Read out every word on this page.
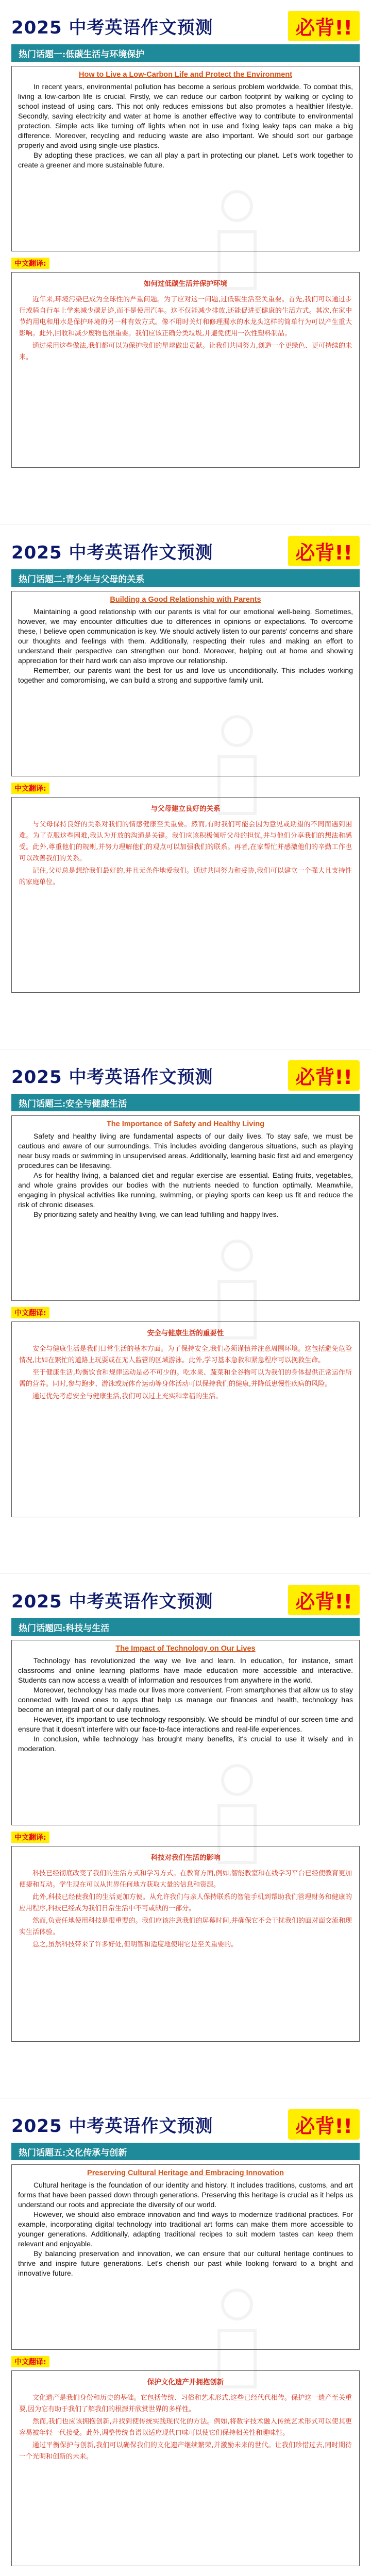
2025 中考英语作文预测	必背!!
热门话题一:低碳生活与环境保护
How to Live a Low-Carbon Life and Protect the Environment

In recent years, environmental pollution has become a serious problem worldwide. To combat this, living a low-carbon life is crucial. Firstly, we can reduce our carbon footprint by walking or cycling to school instead of using cars. This not only reduces emissions but also promotes a healthier lifestyle. Secondly, saving electricity and water at home is another effective way to contribute to environmental protection. Simple acts like turning off lights when not in use and fixing leaky taps can make a big difference. Moreover, recycling and reducing waste are also important. We should sort our garbage properly and avoid using single-use plastics.

By adopting these practices, we can all play a part in protecting our planet. Let's work together to create a greener and more sustainable future.

中文翻译:
如何过低碳生活并保护环境

近年来,环境污染已成为全球性的严重问题。为了应对这一问题,过低碳生活至关重要。首先,我们可以通过步行或骑自行车上学来减少碳足迹,而不是使用汽车。这不仅能减少排放,还能促进更健康的生活方式。其次,在家中节约用电和用水是保护环境的另一种有效方式。像不用时关灯和修理漏水的水龙头这样的简单行为可以产生重大影响。此外,回收和减少废物也很重要。我们应该正确分类垃圾,并避免使用一次性塑料制品。

通过采用这些做法,我们都可以为保护我们的星球做出贡献。让我们共同努力,创造一个更绿色、更可持续的未来。

2025 中考英语作文预测	必背!!
热门话题二:青少年与父母的关系
Building a Good Relationship with Parents

Maintaining a good relationship with our parents is vital for our emotional well-being. Sometimes, however, we may encounter difficulties due to differences in opinions or expectations. To overcome these, I believe open communication is key. We should actively listen to our parents' concerns and share our thoughts and feelings with them. Additionally, respecting their rules and making an effort to understand their perspective can strengthen our bond. Moreover, helping out at home and showing appreciation for their hard work can also improve our relationship.

Remember, our parents want the best for us and love us unconditionally. This includes working together and compromising, we can build a strong and supportive family unit.

中文翻译:
与父母建立良好的关系

与父母保持良好的关系对我们的情感健康至关重要。然而,有时我们可能会因为意见或期望的不同而遇到困难。为了克服这些困难,我认为开放的沟通是关键。我们应该积极倾听父母的担忧,并与他们分享我们的想法和感受。此外,尊重他们的规则,并努力理解他们的观点可以加强我们的联系。再者,在家帮忙并感激他们的辛勤工作也可以改善我们的关系。

记住,父母总是想给我们最好的,并且无条件地爱我们。通过共同努力和妥协,我们可以建立一个强大且支持性的家庭单位。

2025 中考英语作文预测	必背!!
热门话题三:安全与健康生活
The Importance of Safety and Healthy Living

Safety and healthy living are fundamental aspects of our daily lives. To stay safe, we must be cautious and aware of our surroundings. This includes avoiding dangerous situations, such as playing near busy roads or swimming in unsupervised areas. Additionally, learning basic first aid and emergency procedures can be lifesaving.

As for healthy living, a balanced diet and regular exercise are essential. Eating fruits, vegetables, and whole grains provides our bodies with the nutrients needed to function optimally. Meanwhile, engaging in physical activities like running, swimming, or playing sports can keep us fit and reduce the risk of chronic diseases.

By prioritizing safety and healthy living, we can lead fulfilling and happy lives.

中文翻译:
安全与健康生活的重要性

安全与健康生活是我们日常生活的基本方面。为了保持安全,我们必须谨慎并注意周围环境。这包括避免危险情况,比如在繁忙的道路上玩耍或在无人监管的区域游泳。此外,学习基本急救和紧急程序可以挽救生命。

至于健康生活,均衡饮食和规律运动是必不可少的。吃水果、蔬菜和全谷物可以为我们的身体提供正常运作所需的营养。同时,参与跑步、游泳或玩体育运动等身体活动可以保持我们的健康,并降低患慢性疾病的风险。

通过优先考虑安全与健康生活,我们可以过上充实和幸福的生活。

2025 中考英语作文预测	必背!!
热门话题四:科技与生活
The Impact of Technology on Our Lives

Technology has revolutionized the way we live and learn. In education, for instance, smart classrooms and online learning platforms have made education more accessible and interactive. Students can now access a wealth of information and resources from anywhere in the world.

Moreover, technology has made our lives more convenient. From smartphones that allow us to stay connected with loved ones to apps that help us manage our finances and health, technology has become an integral part of our daily routines.

However, it's important to use technology responsibly. We should be mindful of our screen time and ensure that it doesn't interfere with our face-to-face interactions and real-life experiences.

In conclusion, while technology has brought many benefits, it's crucial to use it wisely and in moderation.

中文翻译:
科技对我们生活的影响

科技已经彻底改变了我们的生活方式和学习方式。在教育方面,例如,智能教室和在线学习平台已经使教育更加便捷和互动。学生现在可以从世界任何地方获取大量的信息和资源。

此外,科技已经使我们的生活更加方便。从允许我们与亲人保持联系的智能手机到帮助我们管理财务和健康的应用程序,科技已经成为我们日常生活中不可或缺的一部分。

然而,负责任地使用科技是很重要的。我们应该注意我们的屏幕时间,并确保它不会干扰我们的面对面交流和现实生活体验。

总之,虽然科技带来了许多好处,但明智和适度地使用它是至关重要的。

2025 中考英语作文预测	必背!!
热门话题五:文化传承与创新
Preserving Cultural Heritage and Embracing Innovation

Cultural heritage is the foundation of our identity and history. It includes traditions, customs, and art forms that have been passed down through generations. Preserving this heritage is crucial as it helps us understand our roots and appreciate the diversity of our world.

However, we should also embrace innovation and find ways to modernize traditional practices. For example, incorporating digital technology into traditional art forms can make them more accessible to younger generations. Additionally, adapting traditional recipes to suit modern tastes can keep them relevant and enjoyable.

By balancing preservation and innovation, we can ensure that our cultural heritage continues to thrive and inspire future generations. Let's cherish our past while looking forward to a bright and innovative future.

中文翻译:
保护文化遗产并拥抱创新

文化遗产是我们身份和历史的基础。它包括传统、习俗和艺术形式,这些已经代代相传。保护这一遗产至关重要,因为它有助于我们了解我们的根源并欣赏世界的多样性。

然而,我们也应该拥抱创新,并找到使传统实践现代化的方法。例如,将数字技术融入传统艺术形式可以使其更容易被年轻一代接受。此外,调整传统食谱以适应现代口味可以使它们保持相关性和趣味性。

通过平衡保护与创新,我们可以确保我们的文化遗产继续繁荣,并激励未来的世代。让我们珍惜过去,同时期待一个光明和创新的未来。
